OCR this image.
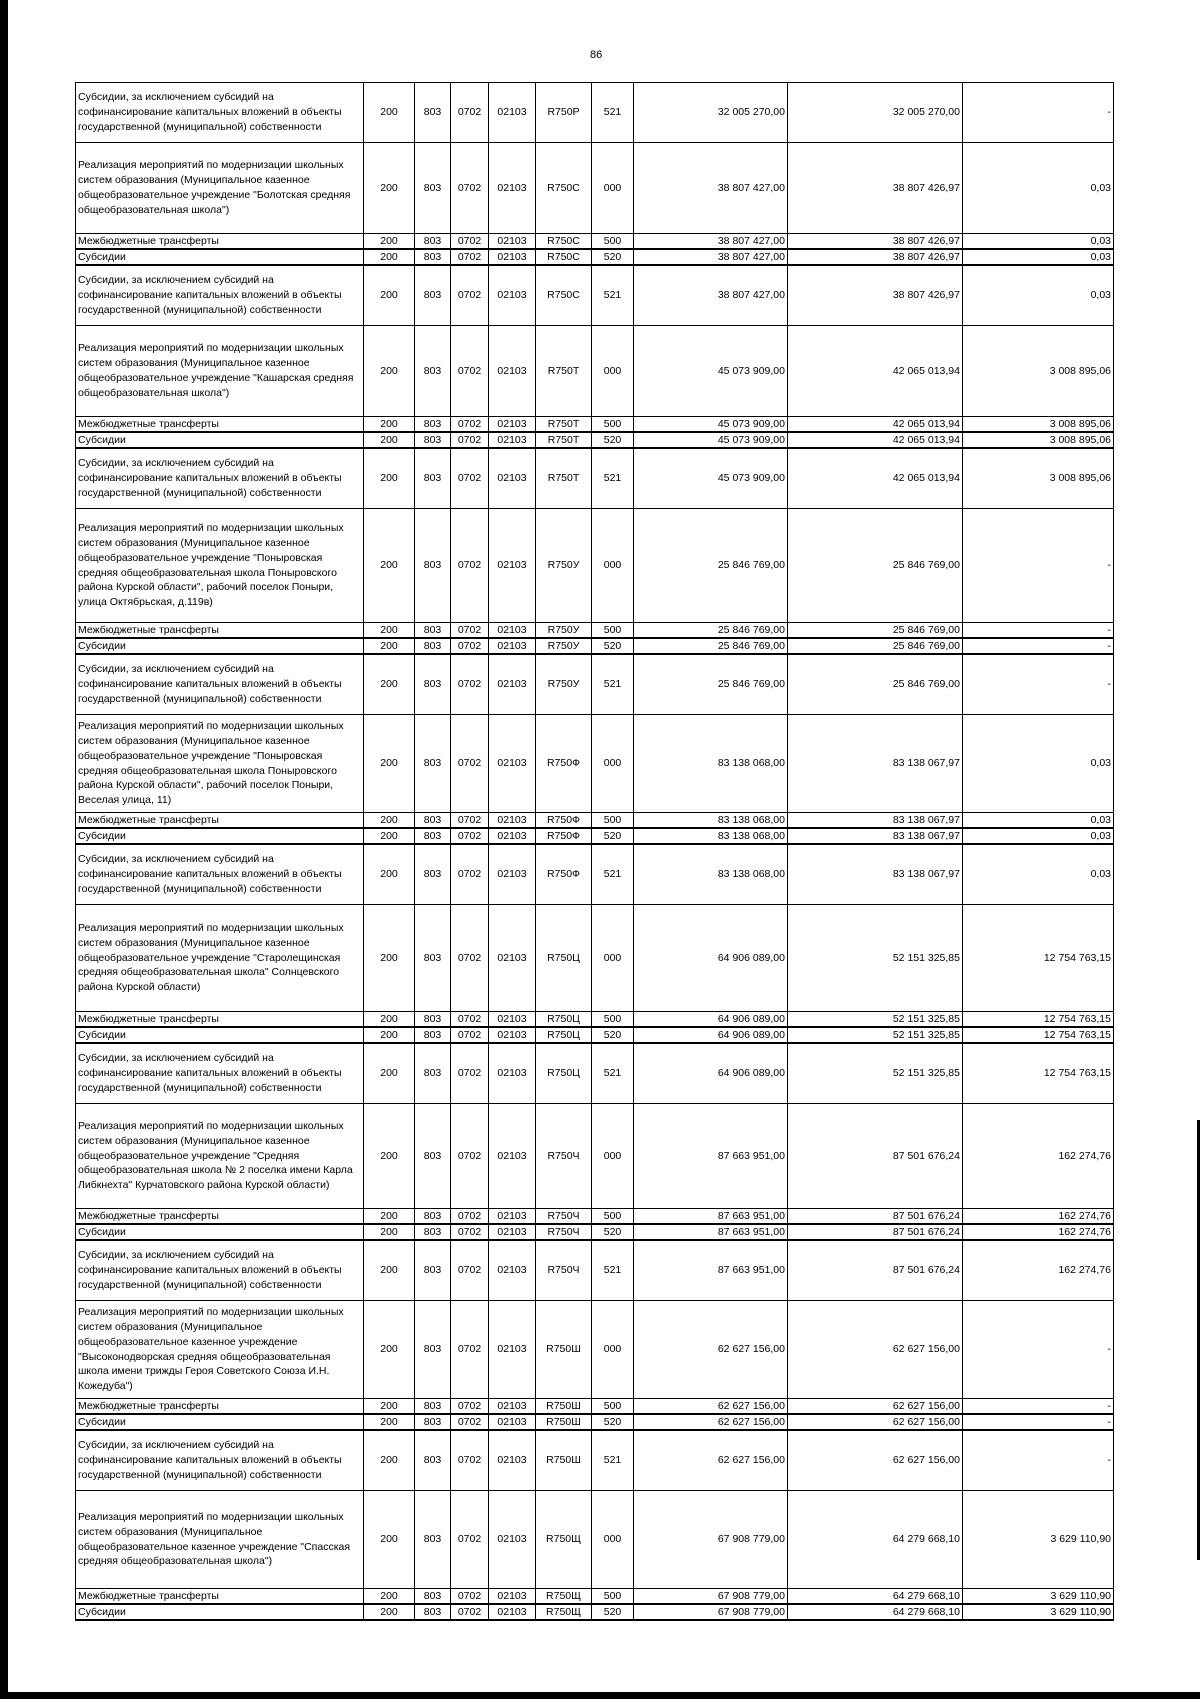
86
Субсидии, за исключением субсидий на софинансирование капитальных вложений в объекты государственной (муниципальной) собственности	200	803	0702	02103	R750P	521	32 005 270,00	32 005 270,00	-
Реализация мероприятий по модернизации школьных систем образования (Муниципальное казенное общеобразовательное учреждение "Болотская средняя общеобразовательная школа")	200	803	0702	02103	R750C	000	38 807 427,00	38 807 426,97	0,03
Межбюджетные трансферты	200	803	0702	02103	R750C	500	38 807 427,00	38 807 426,97	0,03
Субсидии	200	803	0702	02103	R750C	520	38 807 427,00	38 807 426,97	0,03
Субсидии, за исключением субсидий на софинансирование капитальных вложений в объекты государственной (муниципальной) собственности	200	803	0702	02103	R750C	521	38 807 427,00	38 807 426,97	0,03
Реализация мероприятий по модернизации школьных систем образования (Муниципальное казенное общеобразовательное учреждение "Кашарская средняя общеобразовательная школа")	200	803	0702	02103	R750T	000	45 073 909,00	42 065 013,94	3 008 895,06
Межбюджетные трансферты	200	803	0702	02103	R750T	500	45 073 909,00	42 065 013,94	3 008 895,06
Субсидии	200	803	0702	02103	R750T	520	45 073 909,00	42 065 013,94	3 008 895,06
Субсидии, за исключением субсидий на софинансирование капитальных вложений в объекты государственной (муниципальной) собственности	200	803	0702	02103	R750T	521	45 073 909,00	42 065 013,94	3 008 895,06
Реализация мероприятий по модернизации школьных систем образования (Муниципальное казенное общеобразовательное учреждение "Поныровская средняя общеобразовательная школа Поныровского района Курской области", рабочий поселок Поныри, улица Октябрьская, д.119в)	200	803	0702	02103	R750У	000	25 846 769,00	25 846 769,00	-
Межбюджетные трансферты	200	803	0702	02103	R750У	500	25 846 769,00	25 846 769,00	-
Субсидии	200	803	0702	02103	R750У	520	25 846 769,00	25 846 769,00	-
Субсидии, за исключением субсидий на софинансирование капитальных вложений в объекты государственной (муниципальной) собственности	200	803	0702	02103	R750У	521	25 846 769,00	25 846 769,00	-
Реализация мероприятий по модернизации школьных систем образования (Муниципальное казенное общеобразовательное учреждение "Поныровская средняя общеобразовательная школа Поныровского района Курской области", рабочий поселок Поныри, Веселая улица, 11)	200	803	0702	02103	R750Ф	000	83 138 068,00	83 138 067,97	0,03
Межбюджетные трансферты	200	803	0702	02103	R750Ф	500	83 138 068,00	83 138 067,97	0,03
Субсидии	200	803	0702	02103	R750Ф	520	83 138 068,00	83 138 067,97	0,03
Субсидии, за исключением субсидий на софинансирование капитальных вложений в объекты государственной (муниципальной) собственности	200	803	0702	02103	R750Ф	521	83 138 068,00	83 138 067,97	0,03
Реализация мероприятий по модернизации школьных систем образования (Муниципальное казенное общеобразовательное учреждение "Старолещинская средняя общеобразовательная школа" Солнцевского района Курской области)	200	803	0702	02103	R750Ц	000	64 906 089,00	52 151 325,85	12 754 763,15
Межбюджетные трансферты	200	803	0702	02103	R750Ц	500	64 906 089,00	52 151 325,85	12 754 763,15
Субсидии	200	803	0702	02103	R750Ц	520	64 906 089,00	52 151 325,85	12 754 763,15
Субсидии, за исключением субсидий на софинансирование капитальных вложений в объекты государственной (муниципальной) собственности	200	803	0702	02103	R750Ц	521	64 906 089,00	52 151 325,85	12 754 763,15
Реализация мероприятий по модернизации школьных систем образования (Муниципальное казенное общеобразовательное учреждение "Средняя общеобразовательная школа № 2 поселка имени Карла Либкнехта" Курчатовского района Курской области)	200	803	0702	02103	R750Ч	000	87 663 951,00	87 501 676,24	162 274,76
Межбюджетные трансферты	200	803	0702	02103	R750Ч	500	87 663 951,00	87 501 676,24	162 274,76
Субсидии	200	803	0702	02103	R750Ч	520	87 663 951,00	87 501 676,24	162 274,76
Субсидии, за исключением субсидий на софинансирование капитальных вложений в объекты государственной (муниципальной) собственности	200	803	0702	02103	R750Ч	521	87 663 951,00	87 501 676,24	162 274,76
Реализация мероприятий по модернизации школьных систем образования (Муниципальное общеобразовательное казенное учреждение "Высоконодворская средняя общеобразовательная школа имени трижды Героя Советского Союза И.Н. Кожедуба")	200	803	0702	02103	R750Ш	000	62 627 156,00	62 627 156,00	-
Межбюджетные трансферты	200	803	0702	02103	R750Ш	500	62 627 156,00	62 627 156,00	-
Субсидии	200	803	0702	02103	R750Ш	520	62 627 156,00	62 627 156,00	-
Субсидии, за исключением субсидий на софинансирование капитальных вложений в объекты государственной (муниципальной) собственности	200	803	0702	02103	R750Ш	521	62 627 156,00	62 627 156,00	-
Реализация мероприятий по модернизации школьных систем образования (Муниципальное общеобразовательное казенное учреждение "Спасская средняя общеобразовательная школа")	200	803	0702	02103	R750Щ	000	67 908 779,00	64 279 668,10	3 629 110,90
Межбюджетные трансферты	200	803	0702	02103	R750Щ	500	67 908 779,00	64 279 668,10	3 629 110,90
Субсидии	200	803	0702	02103	R750Щ	520	67 908 779,00	64 279 668,10	3 629 110,90
